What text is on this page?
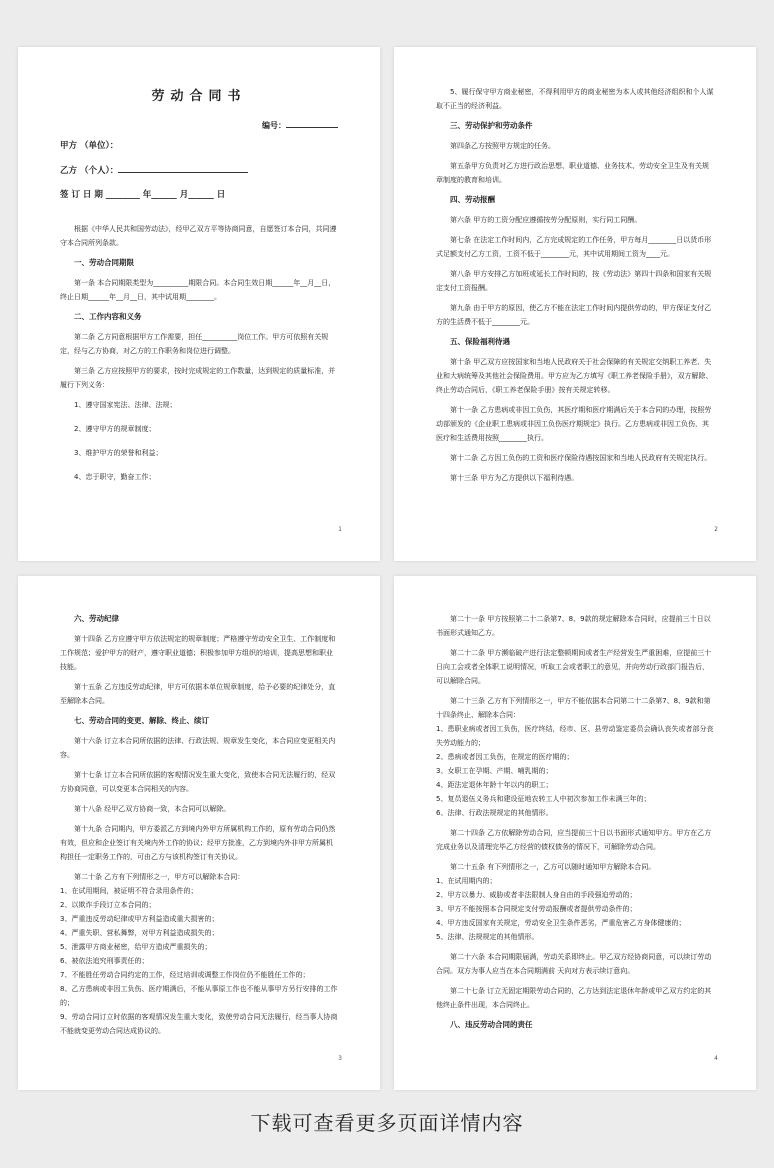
劳动合同书

编号：

甲方 （单位）：

乙方 （个人）：

签 订 日 期 ________ 年______ 月______ 日

根据《中华人民共和国劳动法》，经甲乙双方平等协商同意，自愿签订本合同，共同遵守本合同所列条款。

一、劳动合同期限

第一条 本合同期限类型为__________期限合同。本合同生效日期______年__月__日，终止日期______年__月__日，其中试用期________。

二、工作内容和义务

第二条 乙方同意根据甲方工作需要，担任__________岗位工作。甲方可依照有关规定，经与乙方协商，对乙方的工作职务和岗位进行调整。

第三条 乙方应按照甲方的要求，按时完成规定的工作数量，达到规定的质量标准，并履行下列义务：

1、遵守国家宪法、法律、法规；

2、遵守甲方的规章制度；

3、维护甲方的荣誉和利益；

4、忠于职守，勤奋工作；

1

5、履行保守甲方商业秘密，不得利用甲方的商业秘密为本人或其他经济组织和个人谋取不正当的经济利益。

三、劳动保护和劳动条件

第四条乙方按照甲方规定的任务。

第五条甲方负责对乙方进行政治思想、职业道德、业务技术、劳动安全卫生及有关规章制度的教育和培训。

四、劳动报酬

第六条 甲方的工资分配应遵循按劳分配原则，实行同工同酬。

第七条 在法定工作时间内，乙方完成规定的工作任务，甲方每月________日以货币形式足额支付乙方工资，工资不低于________元，其中试用期间工资为____元。

第八条 甲方安排乙方加班或延长工作时间的，按《劳动法》第四十四条和国家有关规定支付工资报酬。

第九条 由于甲方的原因，使乙方不能在法定工作时间内提供劳动的，甲方保证支付乙方的生活费不低于________元。

五、保险福利待遇

第十条 甲乙双方应按国家和当地人民政府关于社会保障的有关规定交纳职工养老、失业和大病统筹及其他社会保险费用。甲方应为乙方填写《职工养老保险手册》，双方解除、终止劳动合同后，《职工养老保险手册》按有关规定转移。

第十一条 乙方患病或非因工负伤，其医疗期和医疗期满后关于本合同的办理，按照劳动部颁发的《企业职工患病或非因工负伤医疗期规定》执行。乙方患病或非因工负伤，其医疗和生活费用按照________执行。

第十二条 乙方因工负伤的工资和医疗保险待遇按国家和当地人民政府有关规定执行。

第十三条 甲方为乙方提供以下福利待遇。

2

六、劳动纪律

第十四条 乙方应遵守甲方依法规定的规章制度；严格遵守劳动安全卫生、工作制度和工作规范；爱护甲方的财产，遵守职业道德；积极参加甲方组织的培训，提高思想和职业技能。

第十五条 乙方违反劳动纪律，甲方可依据本单位规章制度，给予必要的纪律处分，直至解除本合同。

七、劳动合同的变更、解除、终止、续订

第十六条 订立本合同所依据的法律、行政法规、规章发生变化，本合同应变更相关内容。

第十七条 订立本合同所依据的客观情况发生重大变化，致使本合同无法履行的，经双方协商同意，可以变更本合同相关的内容。

第十八条 经甲乙双方协商一致，本合同可以解除。

第十九条 合同期内，甲方委派乙方到境内外甲方所属机构工作的，原有劳动合同仍然有效，但应和企业签订有关境内外工作的协议；经甲方批准，乙方到境内外非甲方所属机构担任一定职务工作的，可由乙方与该机构签订有关协议。

第二十条 乙方有下列情形之一，甲方可以解除本合同：

1、在试用期间，被证明不符合录用条件的；

2、以欺诈手段订立本合同的；

3、严重违反劳动纪律或甲方利益造成重大损害的；

4、严重失职、营私舞弊，对甲方利益造成损失的；

5、泄露甲方商业秘密，给甲方造成严重损失的；

6、被依法追究刑事责任的；

7、不能胜任劳动合同约定的工作，经过培训或调整工作岗位仍不能胜任工作的；

8、乙方患病或非因工负伤、医疗期满后，不能从事原工作也不能从事甲方另行安排的工作的；

9、劳动合同订立时依据的客观情况发生重大变化，致使劳动合同无法履行，经当事人协商不能就变更劳动合同达成协议的。

3

第二十一条 甲方按照第二十二条第7、8、9款的规定解除本合同时，应提前三十日以书面形式通知乙方。

第二十二条 甲方濒临破产进行法定整顿期间或者生产经营发生严重困难，应提前三十日向工会或者全体职工说明情况，听取工会或者职工的意见，并向劳动行政部门报告后，可以解除合同。

第二十三条 乙方有下列情形之一，甲方不能依据本合同第二十二条第7、8、9款和第十四条终止、解除本合同：

1、患职业病或者因工负伤，医疗终结，经市、区、县劳动鉴定委员会确认丧失或者部分丧失劳动能力的；

2、患病或者因工负伤，在规定的医疗期的；

3、女职工在孕期、产期、哺乳期的；

4、距法定退休年龄十年以内的职工；

5、复员退伍义务兵和建设征地农转工人中初次参加工作未满三年的；

6、法律、行政法规规定的其他情形。

第二十四条 乙方依解除劳动合同，应当提前三十日以书面形式通知甲方。甲方在乙方完成业务以及清理完毕乙方经营的债权债务的情况下，可解除劳动合同。

第二十五条 有下列情形之一，乙方可以随时通知甲方解除本合同。

1、在试用期内的；

2、甲方以暴力、威胁或者非法限制人身自由的手段强迫劳动的；

3、甲方不能按照本合同规定支付劳动报酬或者提供劳动条件的；

4、甲方违反国家有关规定，劳动安全卫生条件恶劣，严重危害乙方身体健康的；

5、法律、法规规定的其他情形。

第二十六条 本合同期限届满，劳动关系即终止。甲乙双方经协商同意，可以续订劳动合同。双方为事人应当在本合同期满前 天向对方表示续订意向。

第二十七条 订立无固定期限劳动合同的，乙方达到法定退休年龄或甲乙双方约定的其他终止条件出现，本合同终止。

八、违反劳动合同的责任

4
下载可查看更多页面详情内容
